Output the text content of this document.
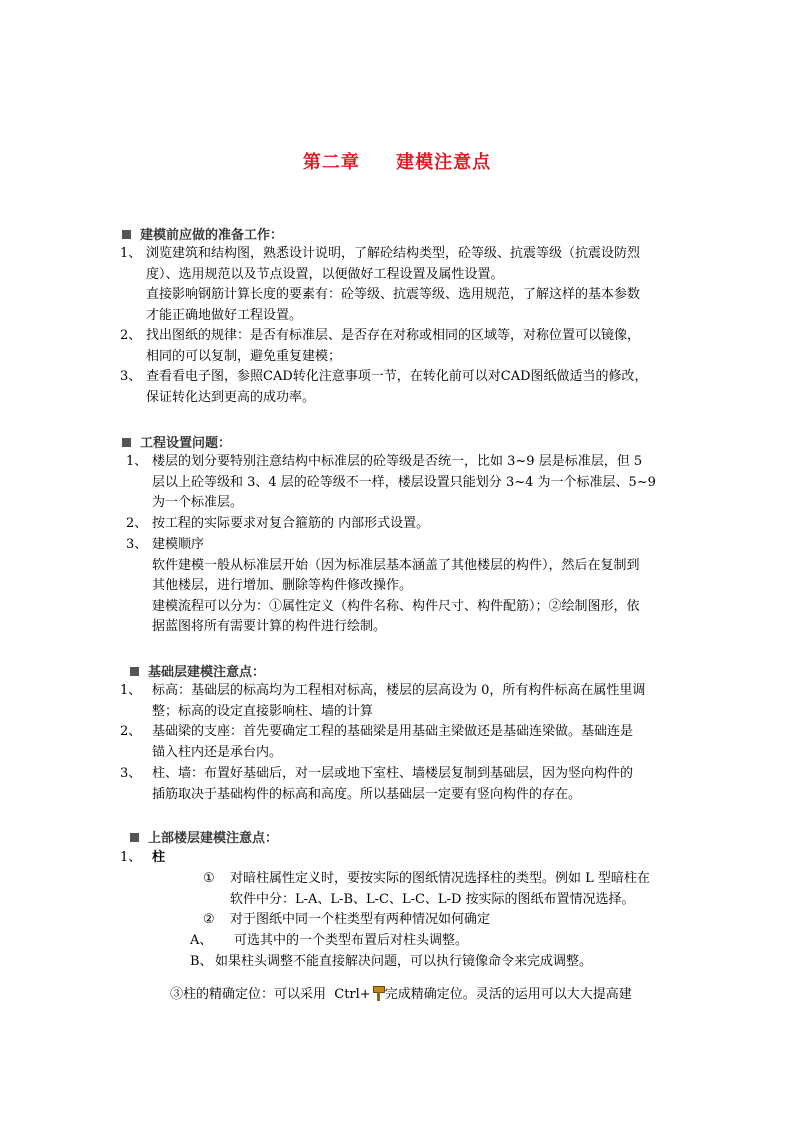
第二章     建模注意点
建模前应做的准备工作：
1、 浏览建筑和结构图，熟悉设计说明，了解砼结构类型，砼等级、抗震等级（抗震设防烈
度）、选用规范以及节点设置，以便做好工程设置及属性设置。
直接影响钢筋计算长度的要素有：砼等级、抗震等级、选用规范，了解这样的基本参数
才能正确地做好工程设置。
2、 找出图纸的规律：是否有标准层、是否存在对称或相同的区域等，对称位置可以镜像，
相同的可以复制，避免重复建模；
3、 查看看电子图，参照CAD转化注意事项一节，在转化前可以对CAD图纸做适当的修改，
保证转化达到更高的成功率。
工程设置问题：
1、 楼层的划分要特别注意结构中标准层的砼等级是否统一，比如 3~9 层是标准层，但 5
层以上砼等级和 3、4 层的砼等级不一样，楼层设置只能划分 3~4 为一个标准层、5~9
为一个标准层。
2、 按工程的实际要求对复合箍筋的 内部形式设置。
3、 建模顺序
软件建模一般从标准层开始（因为标准层基本涵盖了其他楼层的构件），然后在复制到
其他楼层，进行增加、删除等构件修改操作。
建模流程可以分为：①属性定义（构件名称、构件尺寸、构件配筋）；②绘制图形，依
据蓝图将所有需要计算的构件进行绘制。
基础层建模注意点：
1、 标高：基础层的标高均为工程相对标高，楼层的层高设为 0，所有构件标高在属性里调
整；标高的设定直接影响柱、墙的计算
2、 基础梁的支座：首先要确定工程的基础梁是用基础主梁做还是基础连梁做。基础连是
锚入柱内还是承台内。
3、 柱、墙：布置好基础后，对一层或地下室柱、墙楼层复制到基础层，因为竖向构件的
插筋取决于基础构件的标高和高度。所以基础层一定要有竖向构件的存在。
上部楼层建模注意点：
1、 柱
① 对暗柱属性定义时，要按实际的图纸情况选择柱的类型。例如 L 型暗柱在
软件中分：L-A、L-B、L-C、L-C、L-D 按实际的图纸布置情况选择。
② 对于图纸中同一个柱类型有两种情况如何确定
A、 可选其中的一个类型布置后对柱头调整。
B、 如果柱头调整不能直接解决问题，可以执行镜像命令来完成调整。
③柱的精确定位：可以采用  Ctrl+ 完成精确定位。灵活的运用可以大大提高建
